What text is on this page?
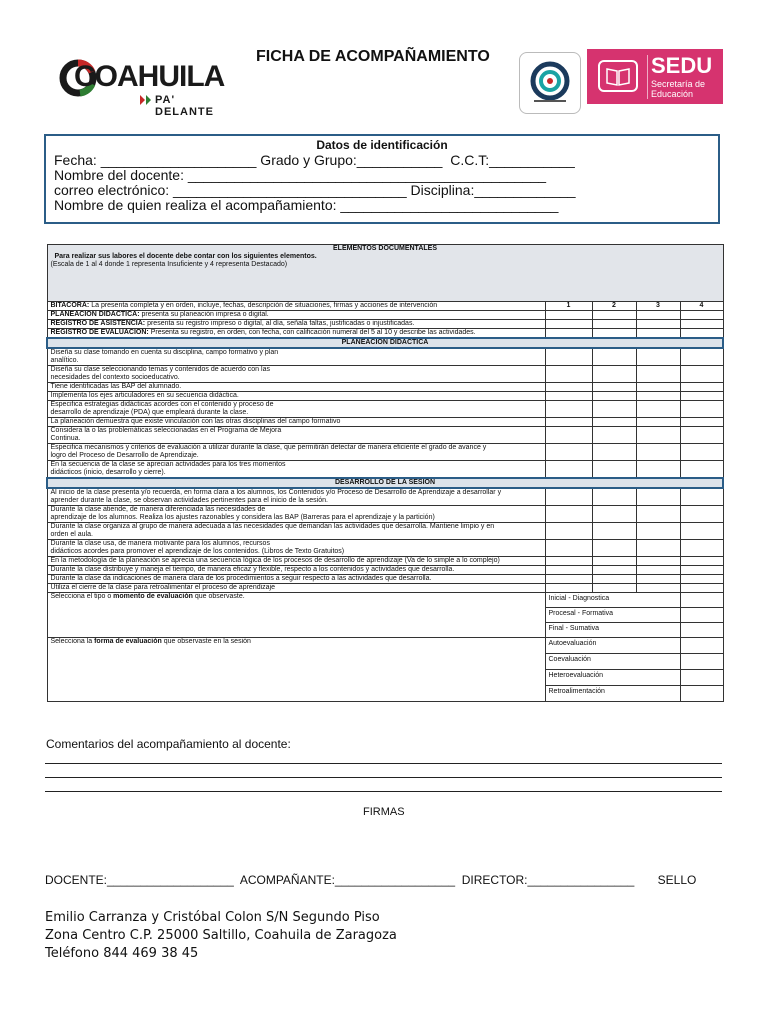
COAHUILA
PA' DELANTE
FICHA DE ACOMPAÑAMIENTO	SEDU
Secretaría de
Educación
Datos de identificación
Fecha: ____________________ Grado y Grupo:___________  C.C.T:___________
Nombre del docente: ______________________________________________
correo electrónico: ______________________________ Disciplina:_____________
Nombre de quien realiza el acompañamiento: ____________________________
ELEMENTOS DOCUMENTALES
Para realizar sus labores el docente debe contar con los siguientes elementos.
(Escala de 1 al 4 donde 1 representa Insuficiente y 4 representa Destacado)				

BITACORA: La presenta completa y en orden, incluye, fechas, descripción de situaciones, firmas y acciones de intervención	1	2	3	4
PLANEACIÓN DIDÁCTICA: presenta su planeación impresa o digital.				
REGISTRO DE ASISTENCIA: presenta su registro impreso o digital, al día, señala faltas, justificadas o injustificadas.				
REGISTRO DE EVALUACIÓN: Presenta su registro, en orden, con fecha, con calificación numeral del 5 al 10 y describe las actividades.				
PLANEACIÓN DIDÁCTICA				
Diseña su clase tomando en cuenta su disciplina, campo formativo y plan
analítico.				
Diseña su clase seleccionando temas y contenidos de acuerdo con las
necesidades del contexto socioeducativo.				
Tiene identificadas las BAP del alumnado.				
Implementa los ejes articuladores en su secuencia didáctica.				
Especifica estrategias didácticas acordes con el contenido y proceso de
desarrollo de aprendizaje (PDA) que empleará durante la clase.				
La planeación demuestra que existe vinculación con las otras disciplinas del campo formativo				
Considera la o las problemáticas seleccionadas en el Programa de Mejora
Continua.				
Especifica mecanismos y criterios de evaluación a utilizar durante la clase, que permitirán detectar de manera eficiente el grado de avance y
logro del Proceso de Desarrollo de Aprendizaje.				
En la secuencia de la clase se aprecian actividades para los tres momentos
didácticos (inicio, desarrollo y cierre).				
DESARROLLO DE LA SESIÓN				
Al inicio de la clase presenta y/o recuerda, en forma clara a los alumnos, los Contenidos y/o Proceso de Desarrollo de Aprendizaje a desarrollar y
aprender durante la clase, se observan actividades pertinentes para el inicio de la sesión.				
Durante la clase atiende, de manera diferenciada las necesidades de
aprendizaje de los alumnos. Realiza los ajustes razonables y considera las BAP (Barreras para el aprendizaje y la partición)				
Durante la clase organiza al grupo de manera adecuada a las necesidades que demandan las actividades que desarrolla. Mantiene limpio y en
orden el aula.				
Durante la clase usa, de manera motivante para los alumnos, recursos
didácticos acordes para promover el aprendizaje de los contenidos. (Libros de Texto Gratuitos)				
En la metodología de la planeación se aprecia una secuencia lógica de los procesos de desarrollo de aprendizaje (Va de lo simple a lo complejo)				
Durante la clase distribuye y maneja el tiempo, de manera eficaz y flexible, respecto a los contenidos y actividades que desarrolla.				
Durante la clase da indicaciones de manera clara de los procedimientos a seguir respecto a las actividades que desarrolla.				
Utiliza el cierre de la clase para retroalimentar el proceso de aprendizaje				
Selecciona el tipo o momento de evaluación que observaste.	Inicial - Diagnostica			
	Procesal - Formativa			
	Final - Sumativa			
Selecciona la forma de evaluación que observaste en la sesión	Autoevaluación			
	Coevaluación			
	Heteroevaluación			
	Retroalimentación			
Comentarios del acompañamiento al docente:
FIRMAS
DOCENTE:___________________  ACOMPAÑANTE:__________________  DIRECTOR:________________       SELLO
Emilio Carranza y Cristóbal Colon S/N Segundo Piso
Zona Centro C.P. 25000 Saltillo, Coahuila de Zaragoza
Teléfono 844 469 38 45
